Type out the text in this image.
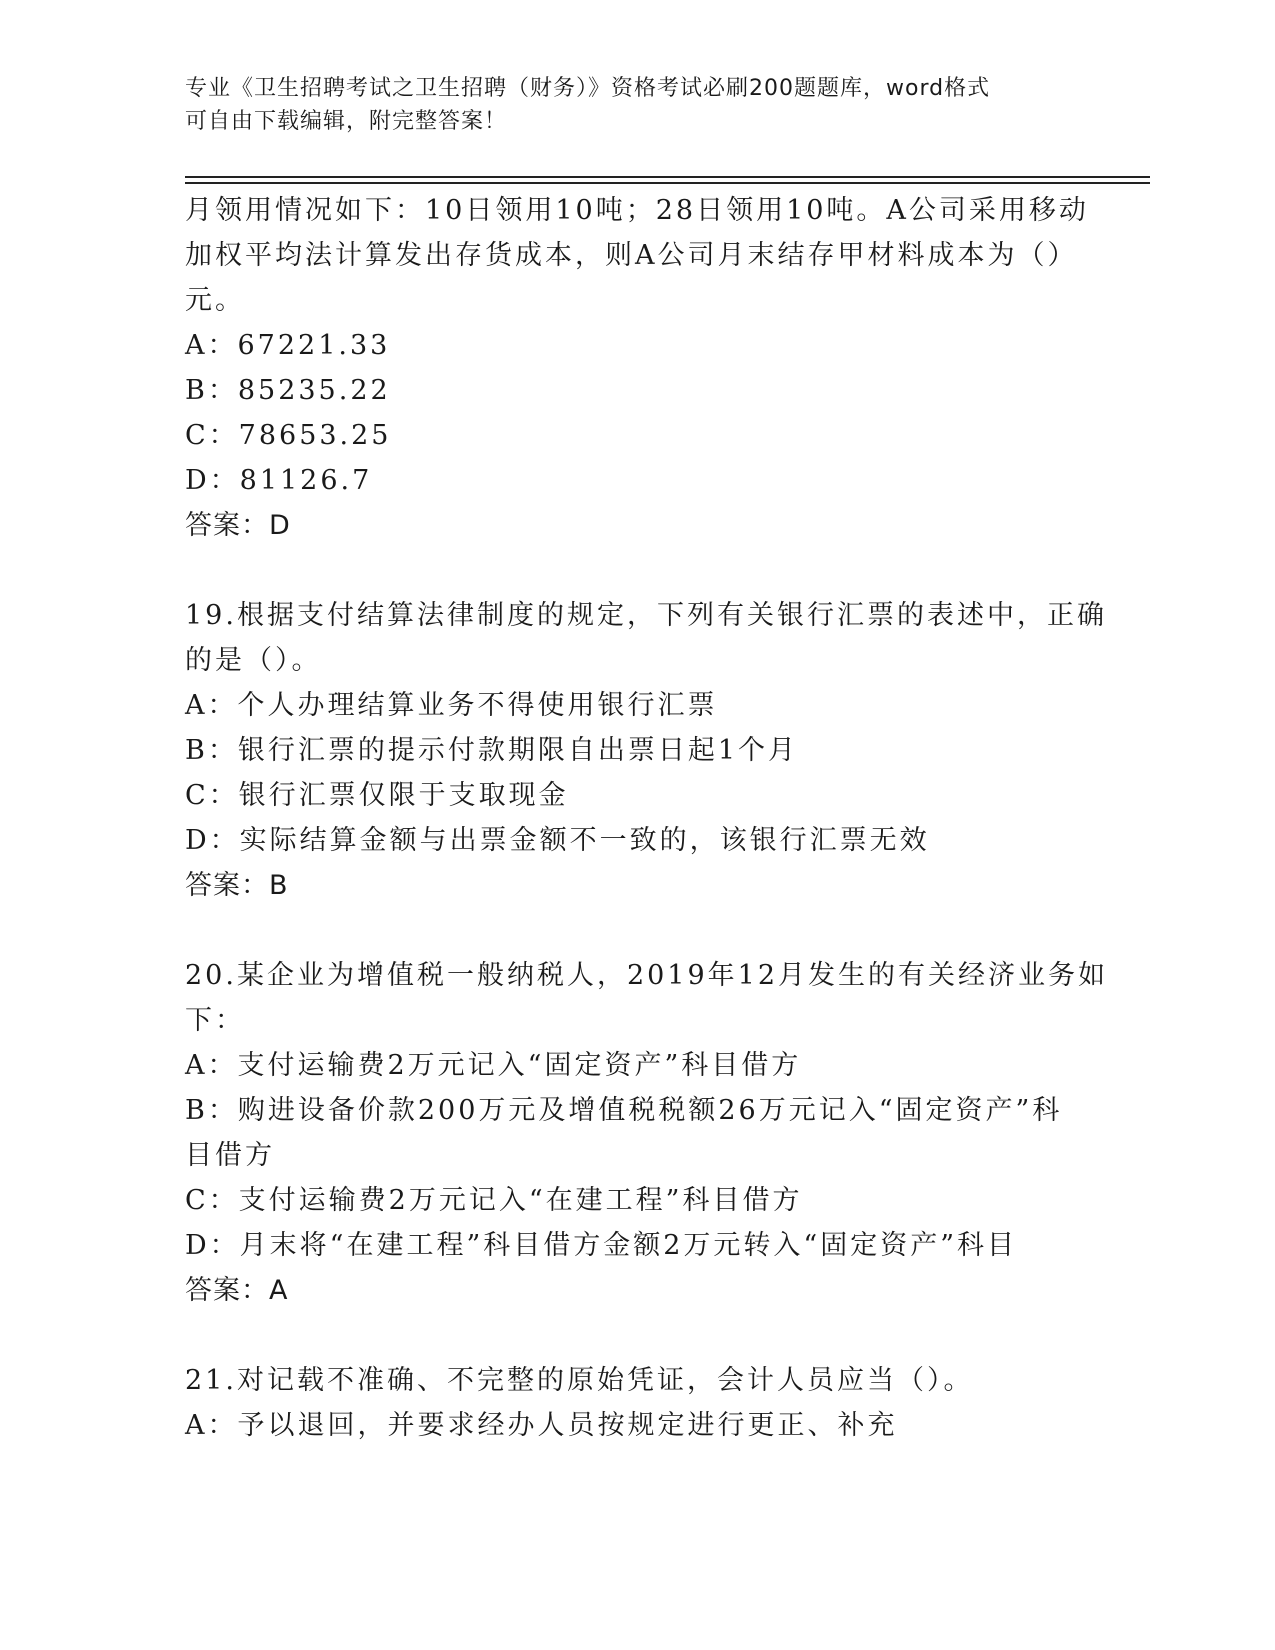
专业《卫生招聘考试之卫生招聘（财务）》资格考试必刷200题题库，word格式
可自由下载编辑，附完整答案！
月领用情况如下：10日领用10吨；28日领用10吨。A公司采用移动
加权平均法计算发出存货成本，则A公司月末结存甲材料成本为（）
元。
A：67221.33
B：85235.22
C：78653.25
D：81126.7
答案：D
19.根据支付结算法律制度的规定，下列有关银行汇票的表述中，正确
的是（）。
A：个人办理结算业务不得使用银行汇票
B：银行汇票的提示付款期限自出票日起1个月
C：银行汇票仅限于支取现金
D：实际结算金额与出票金额不一致的，该银行汇票无效
答案：B
20.某企业为增值税一般纳税人，2019年12月发生的有关经济业务如
下：
A：支付运输费2万元记入“固定资产”科目借方
B：购进设备价款200万元及增值税税额26万元记入“固定资产”科
目借方
C：支付运输费2万元记入“在建工程”科目借方
D：月末将“在建工程”科目借方金额2万元转入“固定资产”科目
答案：A
21.对记载不准确、不完整的原始凭证，会计人员应当（）。
A：予以退回，并要求经办人员按规定进行更正、补充
